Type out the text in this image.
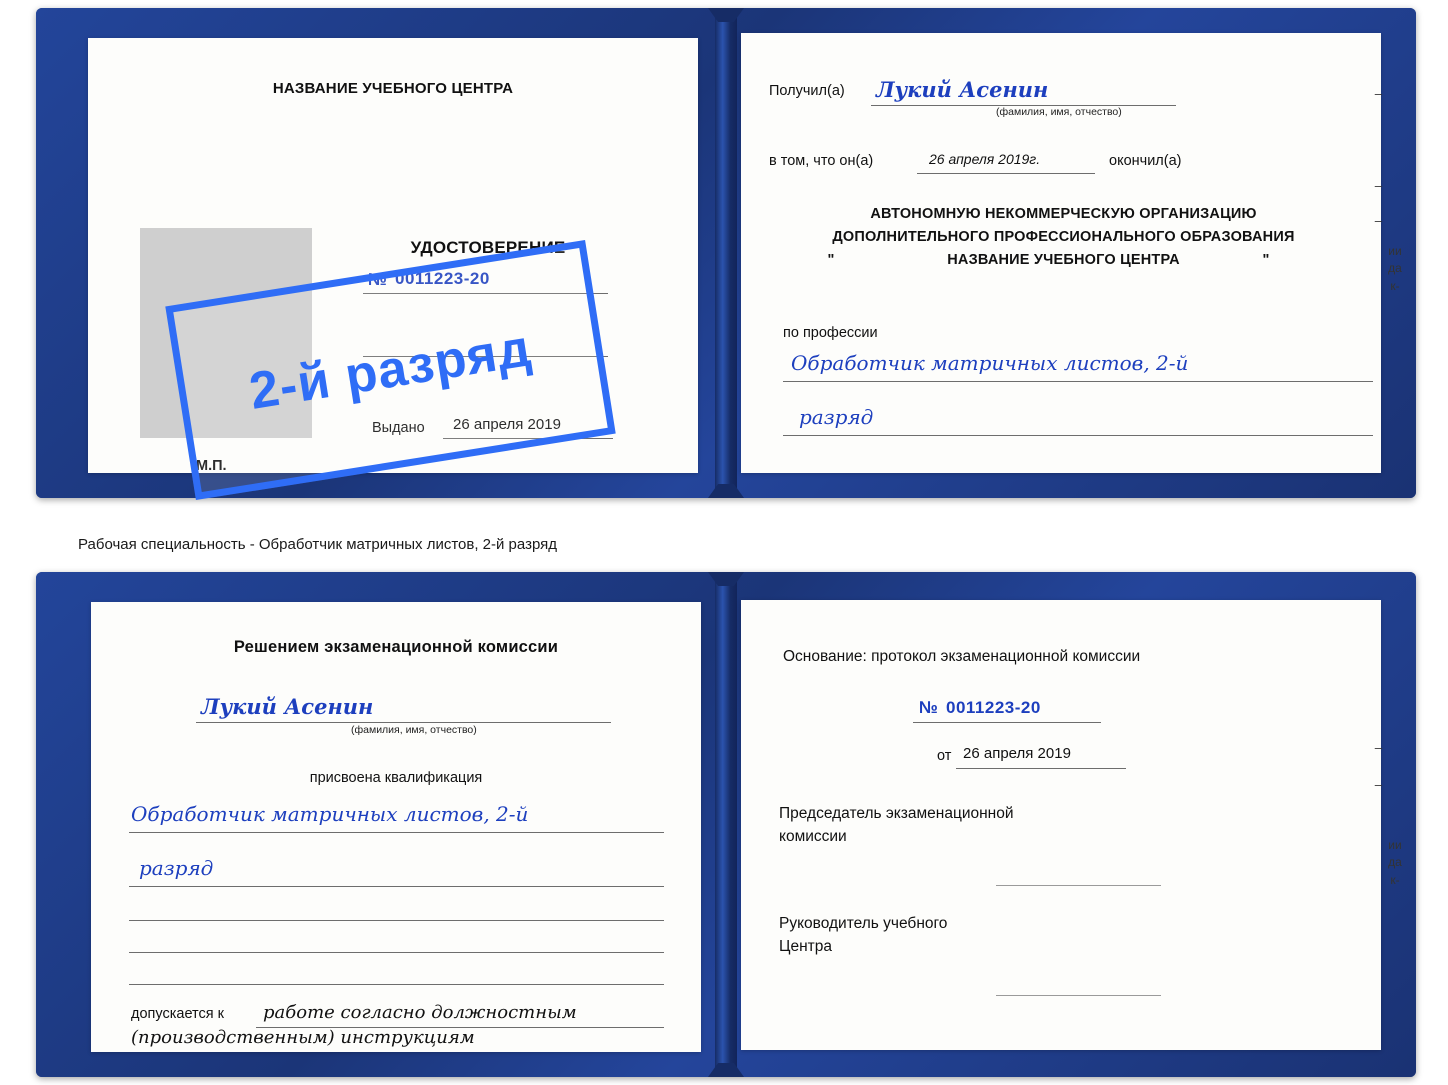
НАЗВАНИЕ УЧЕБНОГО ЦЕНТРА
УДОСТОВЕРЕНИЕ
№ 0011223-20
Выдано 26 апреля 2019
М.П.
Получил(а) Лукий Асенин
(фамилия, имя, отчество)
в том, что он(а)	26 апреля 2019г.	окончил(а)
АВТОНОМНУЮ НЕКОММЕРЧЕСКУЮ ОРГАНИЗАЦИЮ
ДОПОЛНИТЕЛЬНОГО ПРОФЕССИОНАЛЬНОГО ОБРАЗОВАНИЯ
"	НАЗВАНИЕ УЧЕБНОГО ЦЕНТРА	"
по профессии
Обработчик матричных листов, 2-й
разряд
ии да к-
–
–
–
2-й разряд
Рабочая специальность - Обработчик матричных листов, 2-й разряд
Решением экзаменационной комиссии
Лукий Асенин
(фамилия, имя, отчество)
присвоена квалификация
Обработчик матричных листов, 2-й
разряд
допускается к работе согласно должностным
(производственным) инструкциям
Основание: протокол экзаменационной комиссии
№ 0011223-20
от 26 апреля 2019
Председатель экзаменационной
комиссии
Руководитель учебного
Центра
ии да к-
–
–
